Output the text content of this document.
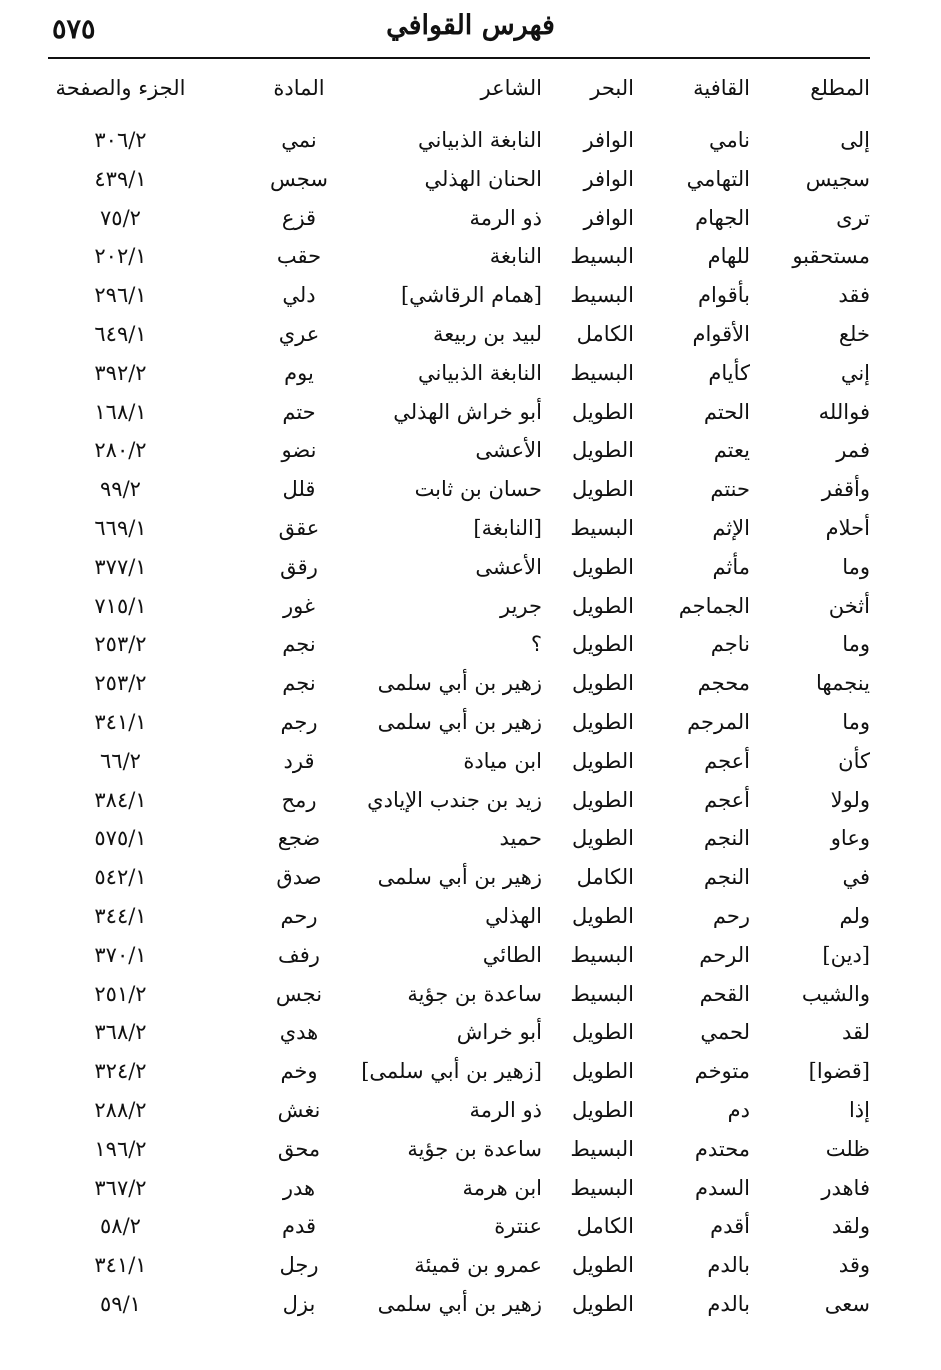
فهرس القوافي
٥٧٥
المطلع
القافية
البحر
الشاعر
المادة
الجزء والصفحة
إلى
نامي
الوافر
النابغة الذبياني
نمي
٣٠٦/٢
سجيس
التهامي
الوافر
الحنان الهذلي
سجس
٤٣٩/١
ترى
الجهام
الوافر
ذو الرمة
قزع
٧٥/٢
مستحقبو
للهام
البسيط
النابغة
حقب
٢٠٢/١
فقد
بأقوام
البسيط
[همام الرقاشي]
دلي
٢٩٦/١
خلع
الأقوام
الكامل
لبيد بن ربيعة
عري
٦٤٩/١
إني
كأيام
البسيط
النابغة الذبياني
يوم
٣٩٢/٢
فوالله
الحتم
الطويل
أبو خراش الهذلي
حتم
١٦٨/١
فمر
يعتم
الطويل
الأعشى
نضو
٢٨٠/٢
وأقفر
حنتم
الطويل
حسان بن ثابت
قلل
٩٩/٢
أحلام
الإثم
البسيط
[النابغة]
عقق
٦٦٩/١
وما
مأثم
الطويل
الأعشى
رقق
٣٧٧/١
أثخن
الجماجم
الطويل
جرير
غور
٧١٥/١
وما
ناجم
الطويل
؟
نجم
٢٥٣/٢
ينجمها
محجم
الطويل
زهير بن أبي سلمى
نجم
٢٥٣/٢
وما
المرجم
الطويل
زهير بن أبي سلمى
رجم
٣٤١/١
كأن
أعجم
الطويل
ابن ميادة
قرد
٦٦/٢
ولولا
أعجم
الطويل
زيد بن جندب الإيادي
رمح
٣٨٤/١
وعاو
النجم
الطويل
حميد
ضجع
٥٧٥/١
في
النجم
الكامل
زهير بن أبي سلمى
صدق
٥٤٢/١
ولم
رحم
الطويل
الهذلي
رحم
٣٤٤/١
[دين]
الرحم
البسيط
الطائي
رفف
٣٧٠/١
والشيب
القحم
البسيط
ساعدة بن جؤية
نجس
٢٥١/٢
لقد
لحمي
الطويل
أبو خراش
هدي
٣٦٨/٢
[قضوا]
متوخم
الطويل
[زهير بن أبي سلمى]
وخم
٣٢٤/٢
إذا
دم
الطويل
ذو الرمة
نغش
٢٨٨/٢
ظلت
محتدم
البسيط
ساعدة بن جؤية
محق
١٩٦/٢
فاهدر
السدم
البسيط
ابن هرمة
هدر
٣٦٧/٢
ولقد
أقدم
الكامل
عنترة
قدم
٥٨/٢
وقد
بالدم
الطويل
عمرو بن قميئة
رجل
٣٤١/١
سعى
بالدم
الطويل
زهير بن أبي سلمى
بزل
٥٩/١
